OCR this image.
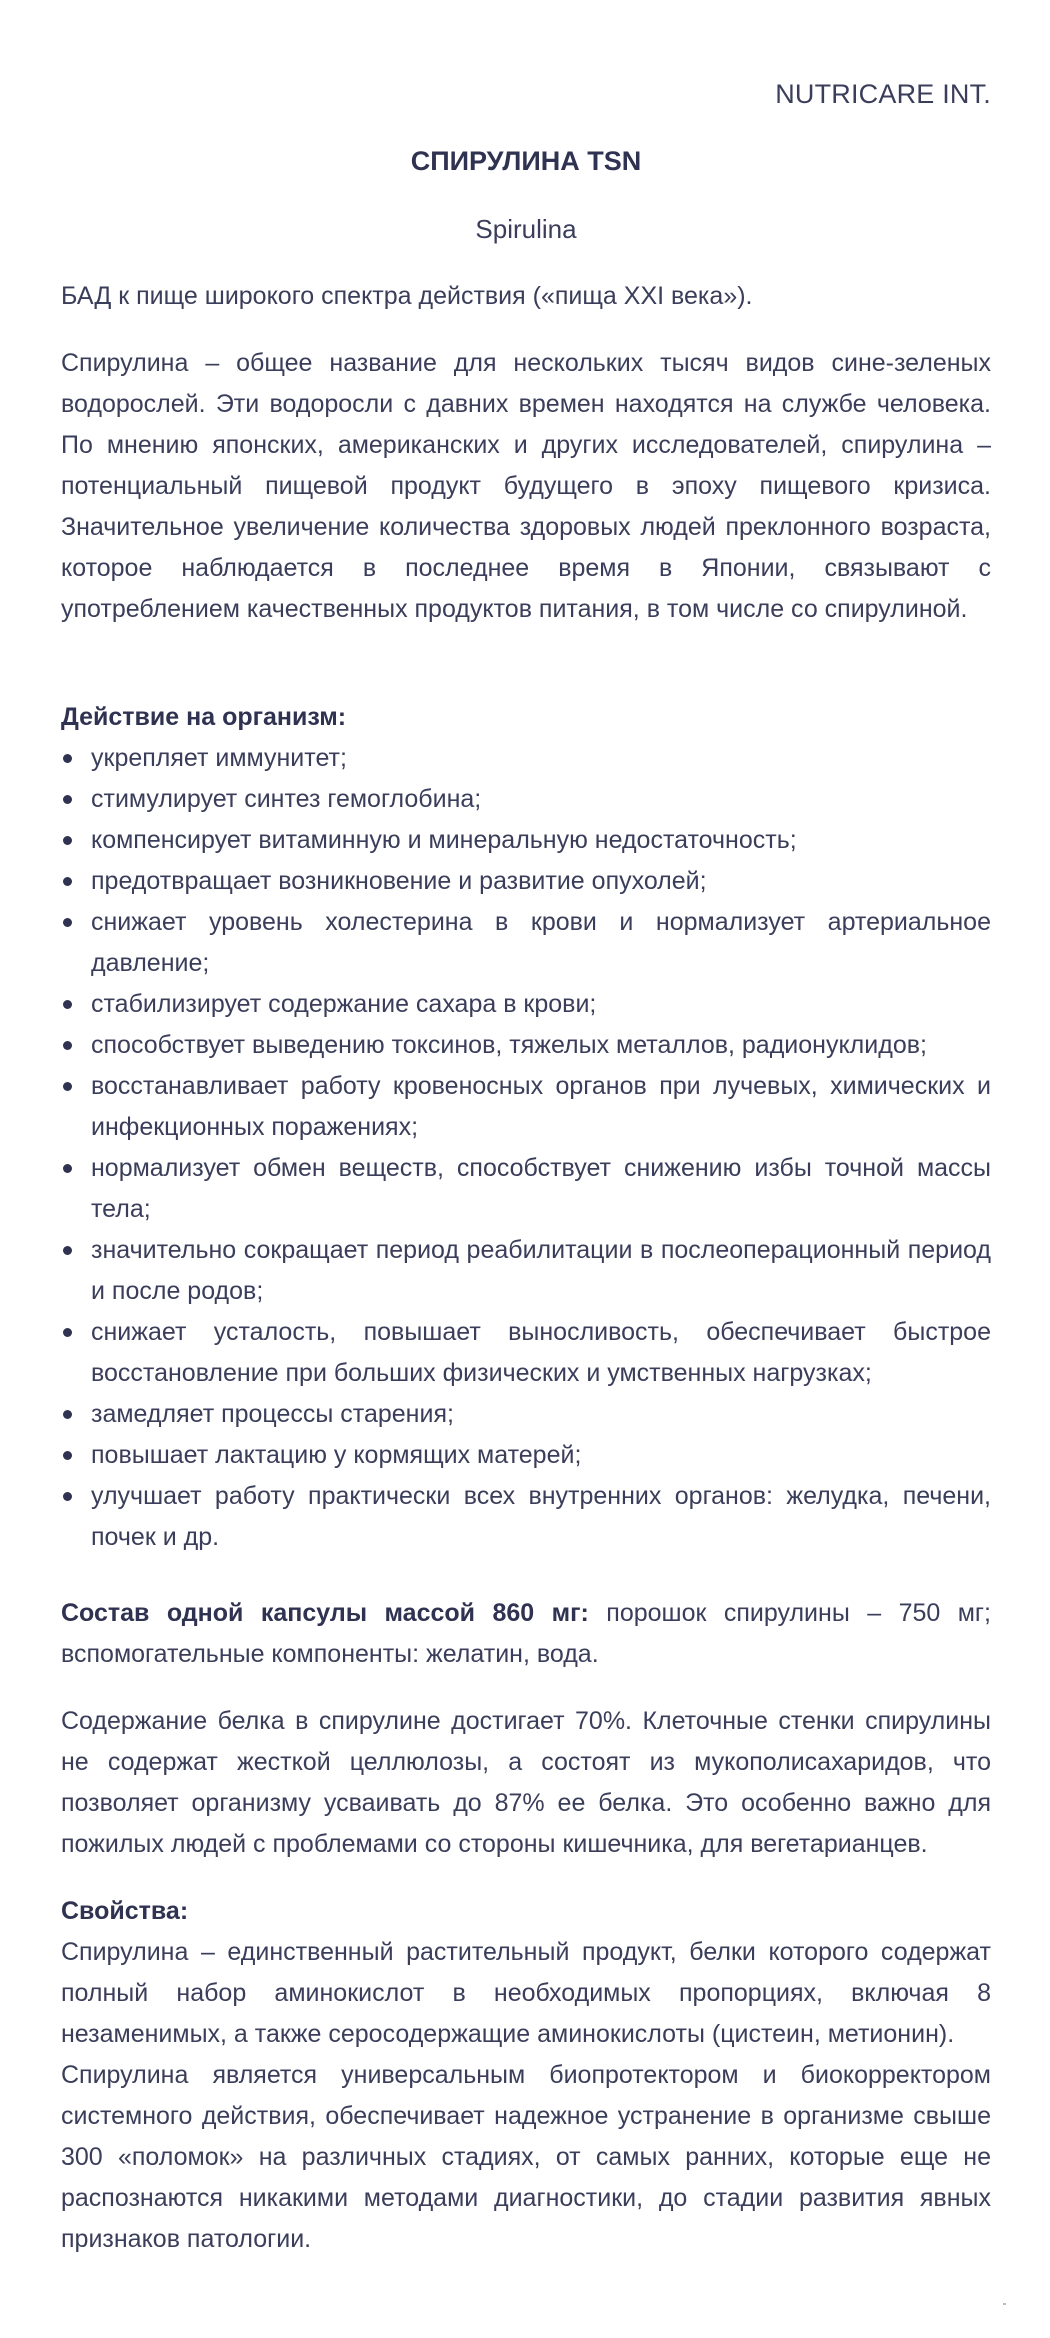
NUTRICARE INT.
СПИРУЛИНА TSN
Spirulina

БАД к пище широкого спектра действия («пища XXI века»).

Спирулина – общее название для нескольких тысяч видов сине-зеленых водорослей. Эти водоросли с давних времен находятся на службе человека. По мнению японских, американских и других исследователей, спирулина – потенциальный пищевой продукт будущего в эпоху пищевого кризиса. Значительное увеличение количества здоровых людей преклонного возраста, которое наблюдается в последнее время в Японии, связывают с употреблением качественных продуктов питания, в том числе со спирулиной.

Действие на организм:
укрепляет иммунитет;
стимулирует синтез гемоглобина;
компенсирует витаминную и минеральную недостаточность;
предотвращает возникновение и развитие опухолей;
снижает уровень холестерина в крови и нормализует артериальное давление;
стабилизирует содержание сахара в крови;
способствует выведению токсинов, тяжелых металлов, радионуклидов;
восстанавливает работу кровеносных органов при лучевых, химических и инфекционных поражениях;
нормализует обмен веществ, способствует снижению избы точной массы тела;
значительно сокращает период реабилитации в послеоперационный период и после родов;
снижает усталость, повышает выносливость, обеспечивает быстрое восстановление при больших физических и умственных нагрузках;
замедляет процессы старения;
повышает лактацию у кормящих матерей;
улучшает работу практически всех внутренних органов: желудка, печени, почек и др.

Состав одной капсулы массой 860 мг: порошок спирулины – 750 мг; вспомогательные компоненты: желатин, вода.

Содержание белка в спирулине достигает 70%. Клеточные стенки спирулины не содержат жесткой целлюлозы, а состоят из мукополисахаридов, что позволяет организму усваивать до 87% ее белка. Это особенно важно для пожилых людей с проблемами со стороны кишечника, для вегетарианцев.

Свойства:

Спирулина – единственный растительный продукт, белки которого содержат полный набор аминокислот в необходимых пропорциях, включая 8 незаменимых, а также серосодержащие аминокислоты (цистеин, метионин).

Спирулина является универсальным биопротектором и биокорректором системного действия, обеспечивает надежное устранение в организме свыше 300 «поломок» на различных стадиях, от самых ранних, которые еще не распознаются никакими методами диагностики, до стадии развития явных признаков патологии.
